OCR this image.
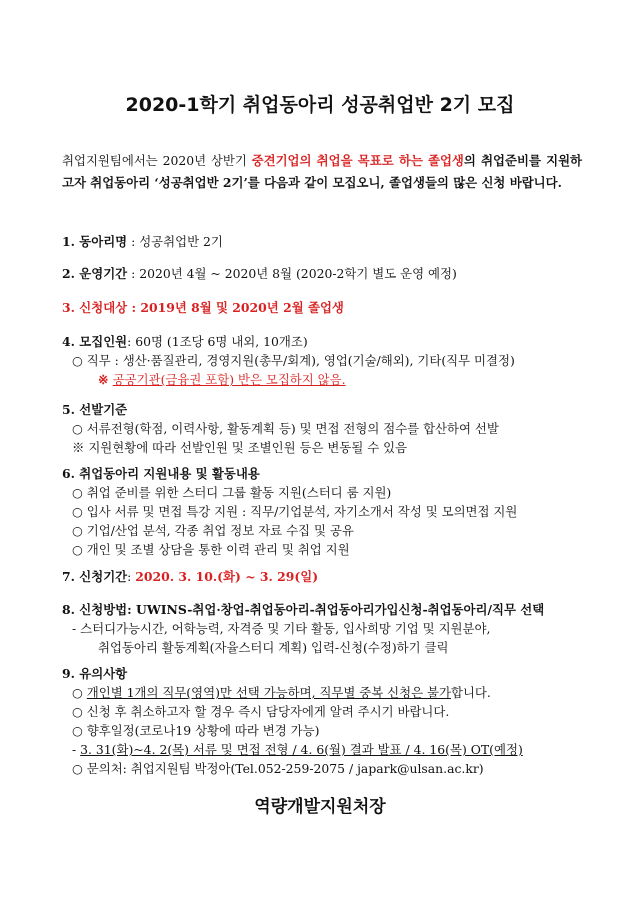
2020-1학기 취업동아리 성공취업반 2기 모집
취업지원팀에서는 2020년 상반기 중견기업의 취업을 목표로 하는 졸업생의 취업준비를 지원하고자 취업동아리 ‘성공취업반 2기’를 다음과 같이 모집오니, 졸업생들의 많은 신청 바랍니다.
1. 동아리명 : 성공취업반 2기
2. 운영기간 : 2020년 4월 ~ 2020년 8월 (2020-2학기 별도 운영 예정)
3. 신청대상 : 2019년 8월 및 2020년 2월 졸업생
4. 모집인원: 60명 (1조당 6명 내외, 10개조)
○ 직무 : 생산·품질관리, 경영지원(총무/회계), 영업(기술/해외), 기타(직무 미결정)
※ 공공기관(금융권 포함) 반은 모집하지 않음.
5. 선발기준
○ 서류전형(학점, 이력사항, 활동계획 등) 및 면접 전형의 점수를 합산하여 선발
※ 지원현황에 따라 선발인원 및 조별인원 등은 변동될 수 있음
6. 취업동아리 지원내용 및 활동내용
○ 취업 준비를 위한 스터디 그룹 활동 지원(스터디 룸 지원)
○ 입사 서류 및 면접 특강 지원 : 직무/기업분석, 자기소개서 작성 및 모의면접 지원
○ 기업/산업 분석, 각종 취업 정보 자료 수집 및 공유
○ 개인 및 조별 상담을 통한 이력 관리 및 취업 지원
7. 신청기간: 2020. 3. 10.(화) ~ 3. 29(일)
8. 신청방법: UWINS-취업·창업-취업동아리-취업동아리가입신청-취업동아리/직무 선택
- 스터디가능시간, 어학능력, 자격증 및 기타 활동, 입사희망 기업 및 지원분야,
취업동아리 활동계획(자율스터디 계획) 입력-신청(수정)하기 클릭
9. 유의사항
○ 개인별 1개의 직무(영역)만 선택 가능하며, 직무별 중복 신청은 불가합니다.
○ 신청 후 취소하고자 할 경우 즉시 담당자에게 알려 주시기 바랍니다.
○ 향후일정(코로나19 상황에 따라 변경 가능)
- 3. 31(화)~4. 2(목) 서류 및 면접 전형 / 4. 6(월) 결과 발표 / 4. 16(목) OT(예정)
○ 문의처: 취업지원팀 박정아(Tel.052-259-2075 / japark@ulsan.ac.kr)
역량개발지원처장
